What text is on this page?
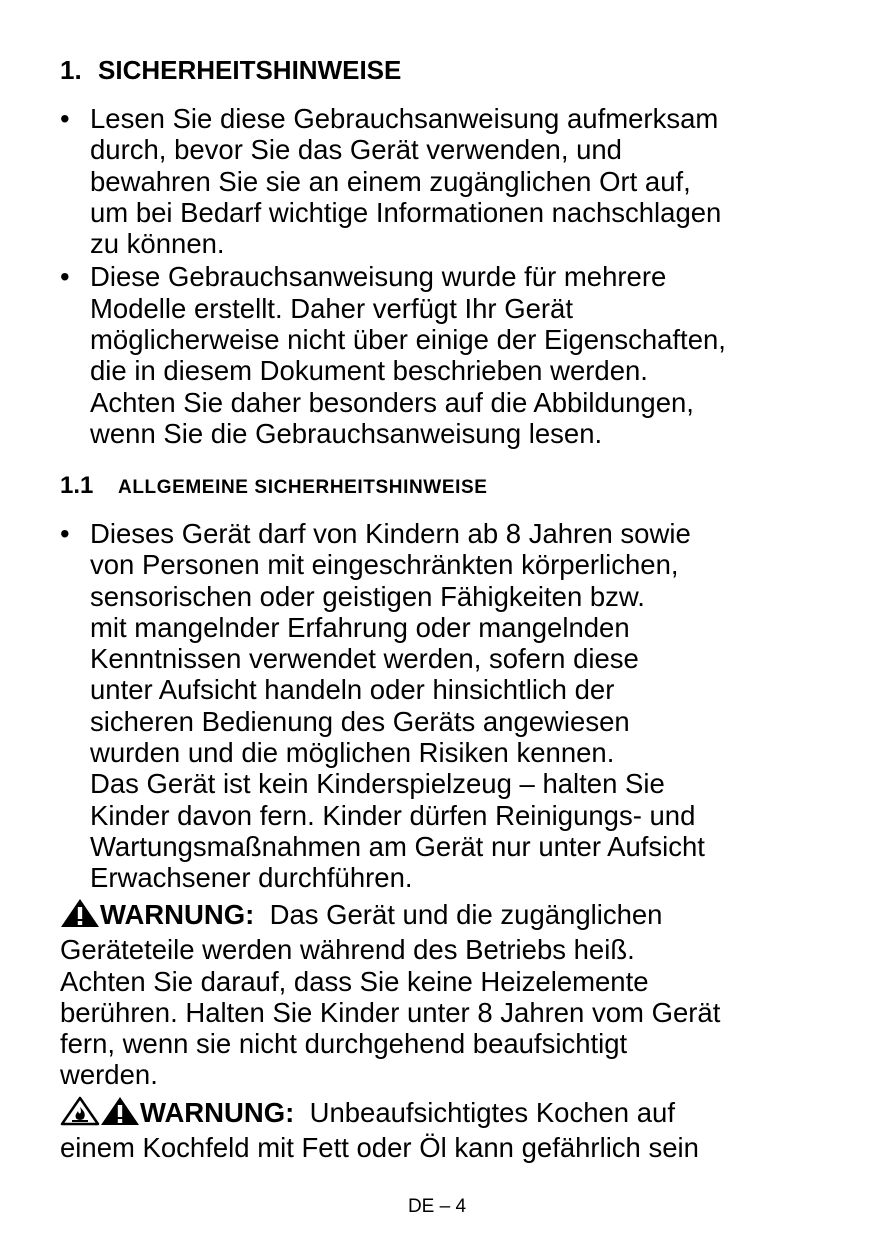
1. SICHERHEITSHINWEISE
• Lesen Sie diese Gebrauchsanweisung aufmerksam
durch, bevor Sie das Gerät verwenden, und
bewahren Sie sie an einem zugänglichen Ort auf,
um bei Bedarf wichtige Informationen nachschlagen
zu können.
• Diese Gebrauchsanweisung wurde für mehrere
Modelle erstellt. Daher verfügt Ihr Gerät
möglicherweise nicht über einige der Eigenschaften,
die in diesem Dokument beschrieben werden.
Achten Sie daher besonders auf die Abbildungen,
wenn Sie die Gebrauchsanweisung lesen.
1.1 ALLGEMEINE SICHERHEITSHINWEISE
• Dieses Gerät darf von Kindern ab 8 Jahren sowie
von Personen mit eingeschränkten körperlichen,
sensorischen oder geistigen Fähigkeiten bzw.
mit mangelnder Erfahrung oder mangelnden
Kenntnissen verwendet werden, sofern diese
unter Aufsicht handeln oder hinsichtlich der
sicheren Bedienung des Geräts angewiesen
wurden und die möglichen Risiken kennen.
Das Gerät ist kein Kinderspielzeug – halten Sie
Kinder davon fern. Kinder dürfen Reinigungs- und
Wartungsmaßnahmen am Gerät nur unter Aufsicht
Erwachsener durchführen.
WARNUNG: Das Gerät und die zugänglichen
Geräteteile werden während des Betriebs heiß.
Achten Sie darauf, dass Sie keine Heizelemente
berühren. Halten Sie Kinder unter 8 Jahren vom Gerät
fern, wenn sie nicht durchgehend beaufsichtigt
werden.
WARNUNG: Unbeaufsichtigtes Kochen auf
einem Kochfeld mit Fett oder Öl kann gefährlich sein
DE – 4
